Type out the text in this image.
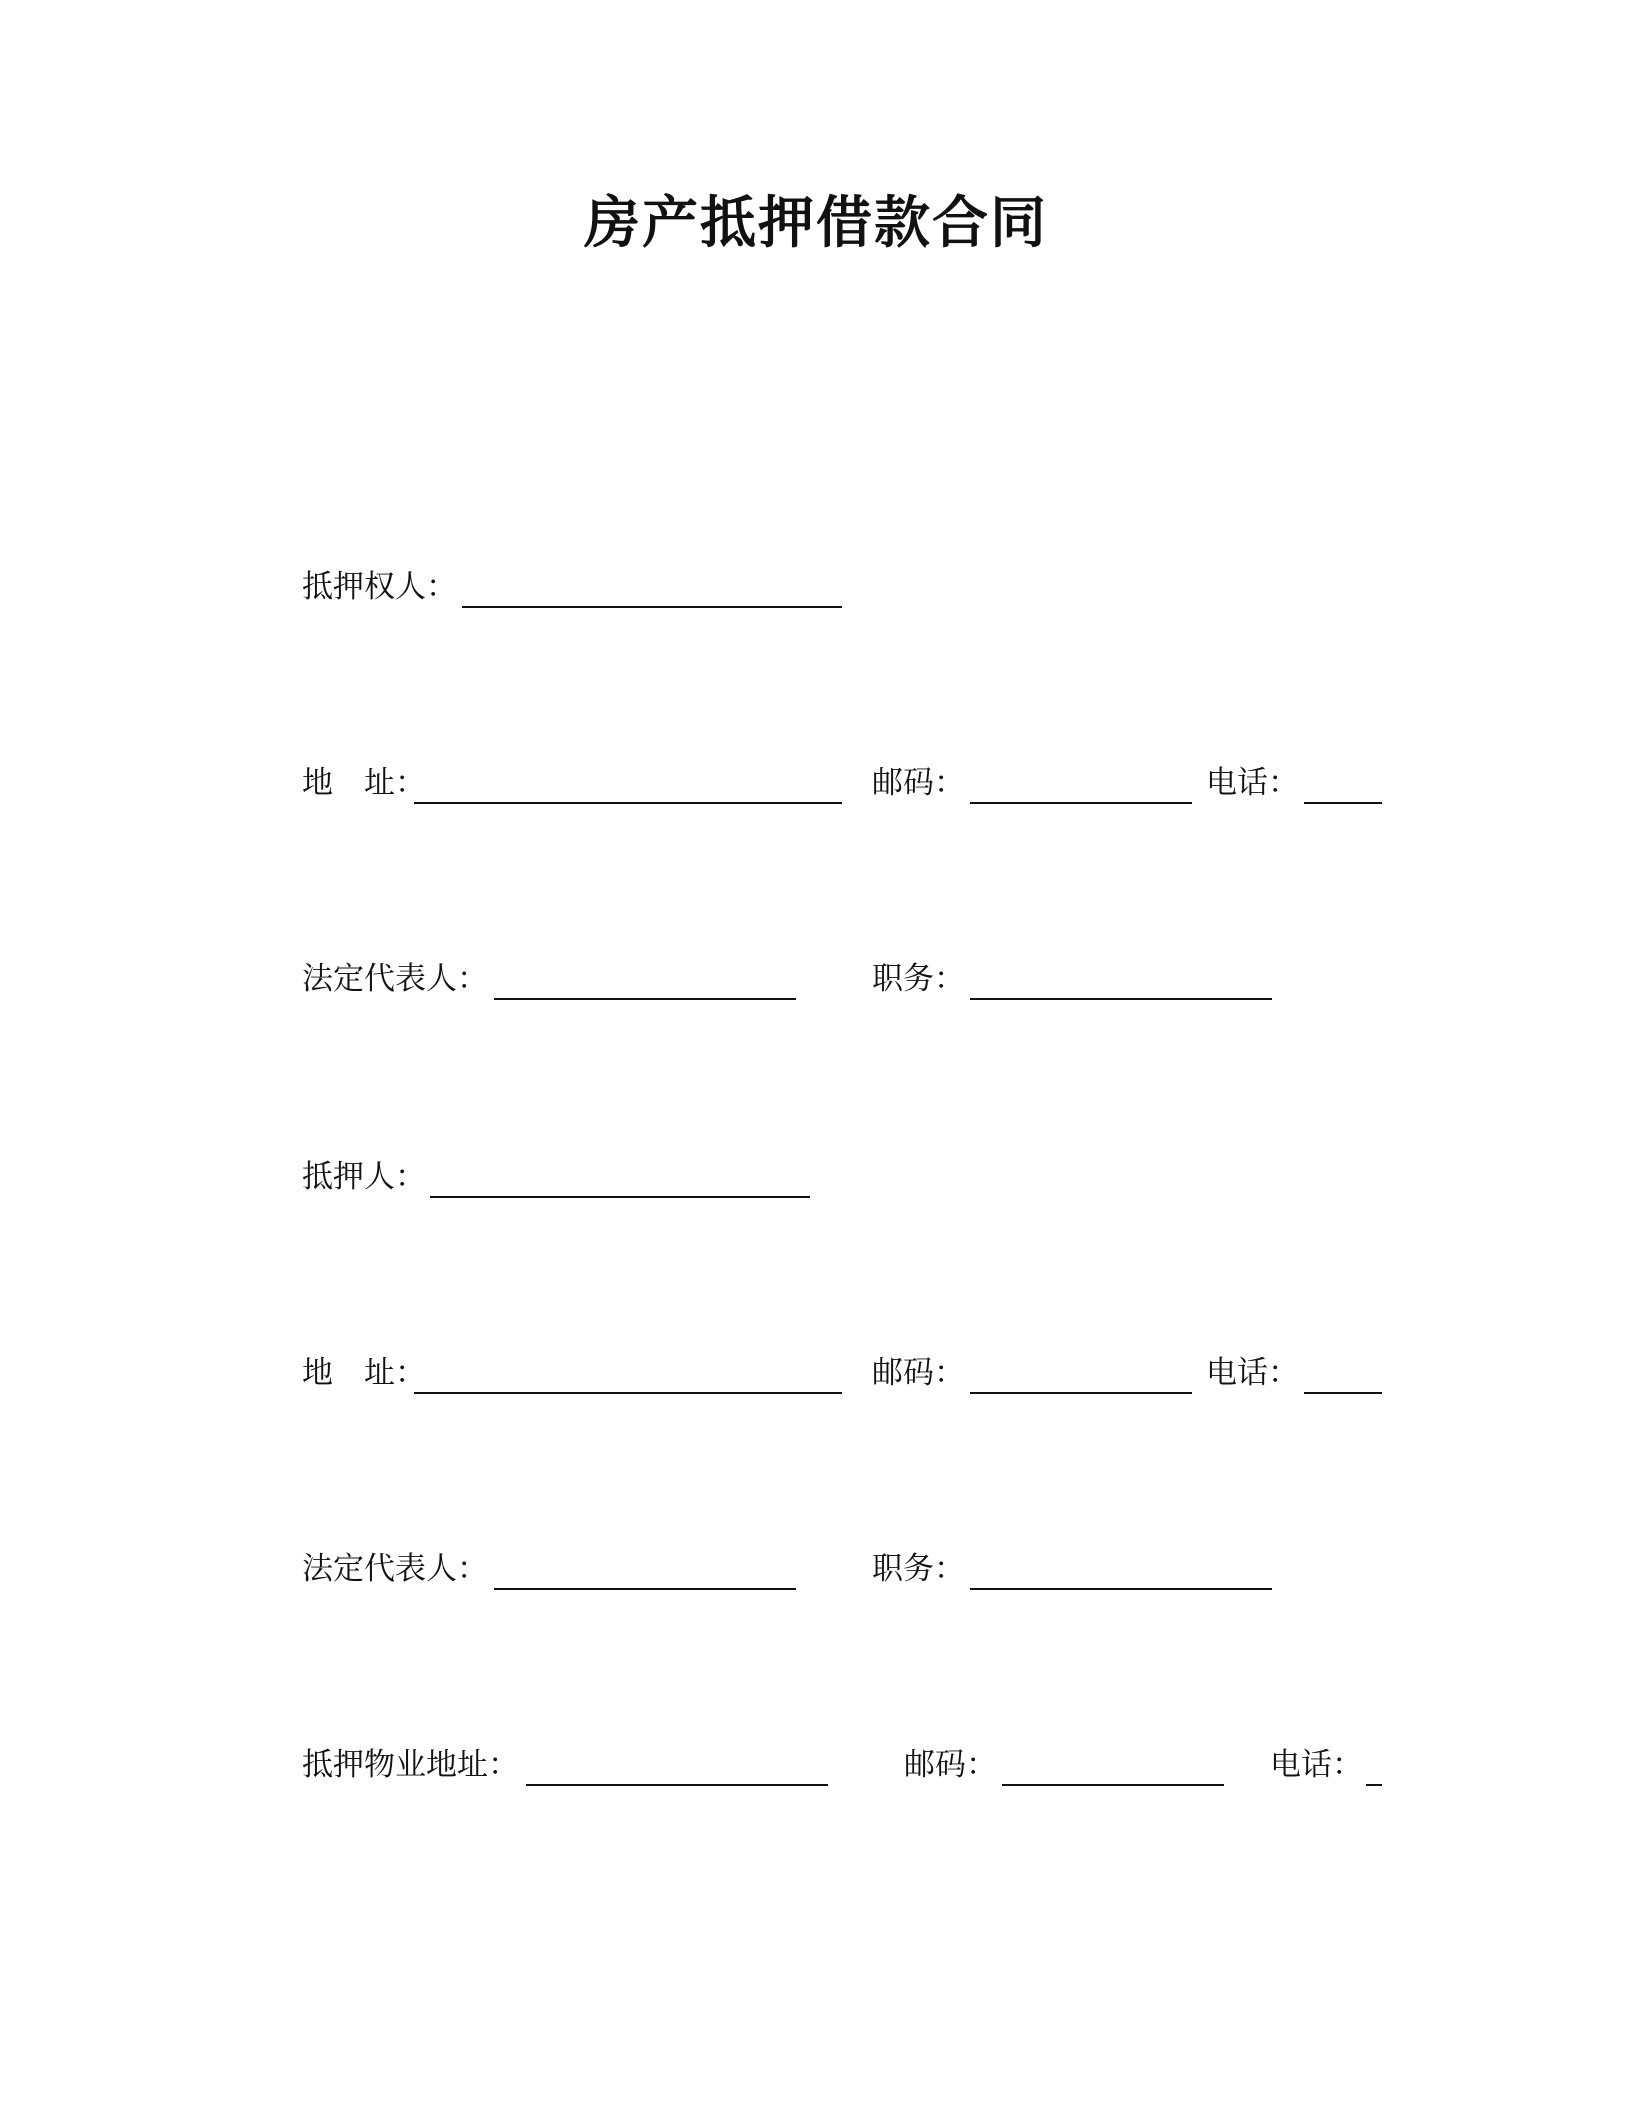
房产抵押借款合同
抵押权人：
地　址：	邮码：	电话：
法定代表人：	职务：
抵押人：
地　址：	邮码：	电话：
法定代表人：	职务：
抵押物业地址：	邮码：	电话：
